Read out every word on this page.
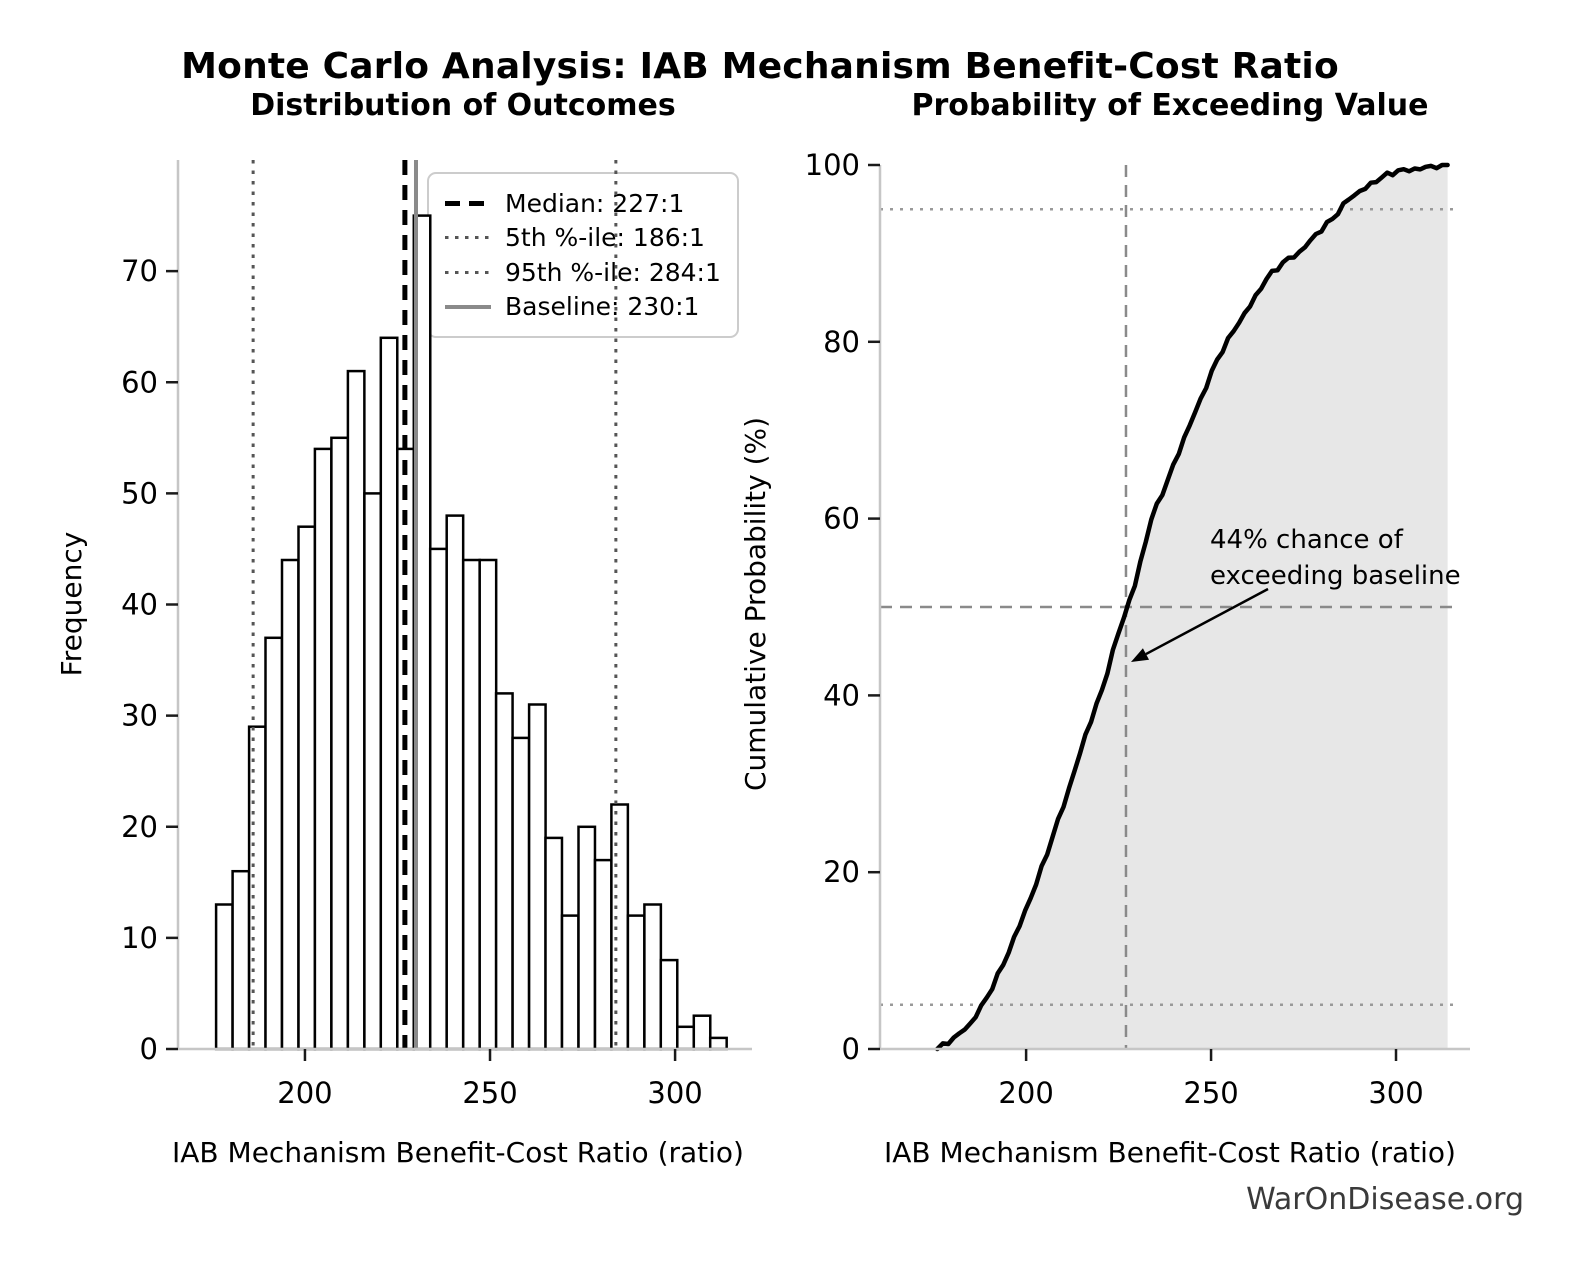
Monte Carlo Analysis: IAB Mechanism Benefit-Cost Ratio
Distribution of Outcomes	Probability of Exceeding Value
Median: 227:1
5th %-ile: 186:1
95th %-ile: 284:1
Baseline: 230:1
200	250	300
0
10
20
30
40
50
60
70
200	250	300
0
20
40
60
80
100
Frequency	Cumulative Probability (%)
IAB Mechanism Benefit-Cost Ratio (ratio)	IAB Mechanism Benefit-Cost Ratio (ratio)
44% chance of
exceeding baseline
WarOnDisease.org
